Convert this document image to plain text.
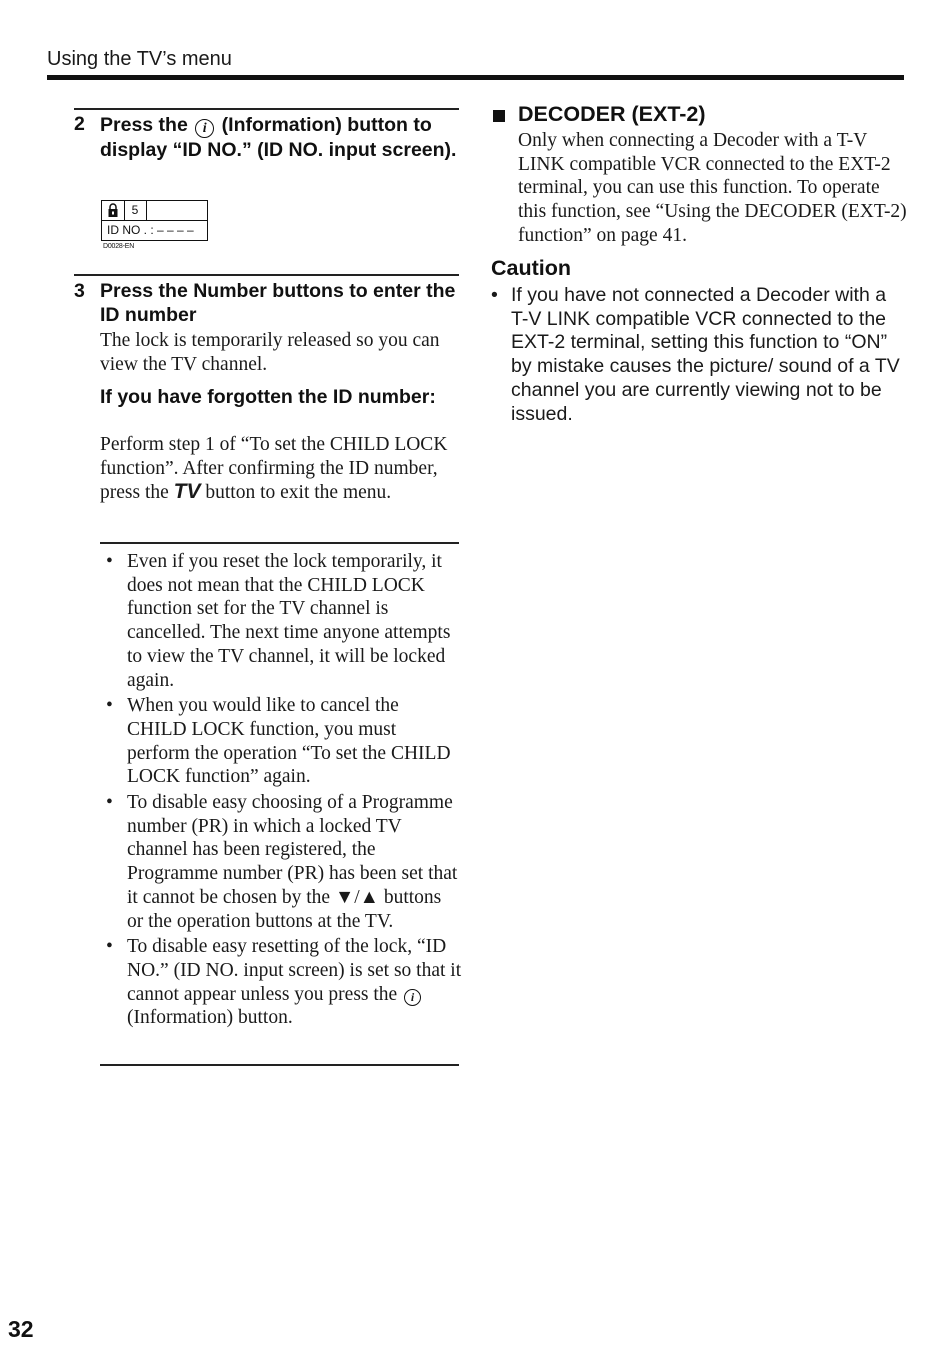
Using the TV’s menu
2 Press the i (Information) button to display “ID NO.” (ID NO. input screen).
5
ID NO . : – – – –
D0028-EN
3 Press the Number buttons to enter the ID number
The lock is temporarily released so you can view the TV channel.
If you have forgotten the ID number:
Perform step 1 of “To set the CHILD LOCK function”. After confirming the ID number, press the TV button to exit the menu.
• Even if you reset the lock temporarily, it does not mean that the CHILD LOCK function set for the TV channel is cancelled. The next time anyone attempts to view the TV channel, it will be locked again.
• When you would like to cancel the CHILD LOCK function, you must perform the operation “To set the CHILD LOCK function” again.
• To disable easy choosing of a Programme number (PR) in which a locked TV channel has been registered, the Programme number (PR) has been set that it cannot be chosen by the ▼/▲ buttons or the operation buttons at the TV.
• To disable easy resetting of the lock, “ID NO.” (ID NO. input screen) is set so that it cannot appear unless you press the i (Information) button.
DECODER (EXT-2)
Only when connecting a Decoder with a T-V LINK compatible VCR connected to the EXT-2 terminal, you can use this function. To operate this function, see “Using the DECODER (EXT-2) function” on page 41.
Caution
• If you have not connected a Decoder with a T-V LINK compatible VCR connected to the EXT-2 terminal, setting this function to “ON” by mistake causes the picture/ sound of a TV channel you are currently viewing not to be issued.
32
